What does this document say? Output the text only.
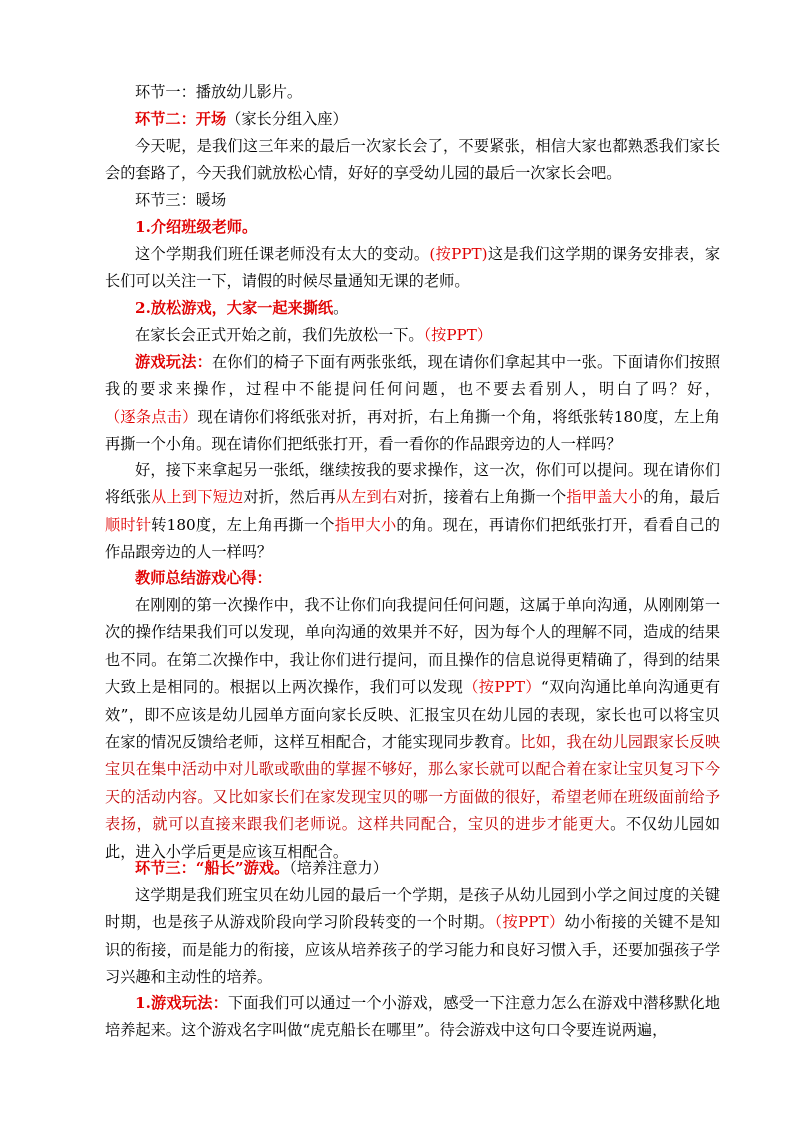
环节一：播放幼儿影片。

环节二：开场（家长分组入座）

今天呢，是我们这三年来的最后一次家长会了，不要紧张，相信大家也都熟悉我们家长会的套路了，今天我们就放松心情，好好的享受幼儿园的最后一次家长会吧。

环节三：暖场

1.介绍班级老师。

这个学期我们班任课老师没有太大的变动。(按PPT)这是我们这学期的课务安排表，家长们可以关注一下，请假的时候尽量通知无课的老师。

2.放松游戏，大家一起来撕纸。

在家长会正式开始之前，我们先放松一下。（按PPT）

游戏玩法：在你们的椅子下面有两张张纸，现在请你们拿起其中一张。下面请你们按照我的要求来操作，过程中不能提问任何问题，也不要去看别人，明白了吗？好，（逐条点击）现在请你们将纸张对折，再对折，右上角撕一个角，将纸张转180度，左上角再撕一个小角。现在请你们把纸张打开，看一看你的作品跟旁边的人一样吗？

好，接下来拿起另一张纸，继续按我的要求操作，这一次，你们可以提问。现在请你们将纸张从上到下短边对折，然后再从左到右对折，接着右上角撕一个指甲盖大小的角，最后顺时针转180度，左上角再撕一个指甲大小的角。现在，再请你们把纸张打开，看看自己的作品跟旁边的人一样吗？

教师总结游戏心得：

在刚刚的第一次操作中，我不让你们向我提问任何问题，这属于单向沟通，从刚刚第一次的操作结果我们可以发现，单向沟通的效果并不好，因为每个人的理解不同，造成的结果也不同。在第二次操作中，我让你们进行提问，而且操作的信息说得更精确了，得到的结果大致上是相同的。根据以上两次操作，我们可以发现（按PPT）“双向沟通比单向沟通更有效”，即不应该是幼儿园单方面向家长反映、汇报宝贝在幼儿园的表现，家长也可以将宝贝在家的情况反馈给老师，这样互相配合，才能实现同步教育。比如，我在幼儿园跟家长反映宝贝在集中活动中对儿歌或歌曲的掌握不够好，那么家长就可以配合着在家让宝贝复习下今天的活动内容。又比如家长们在家发现宝贝的哪一方面做的很好，希望老师在班级面前给予表扬，就可以直接来跟我们老师说。这样共同配合，宝贝的进步才能更大。不仅幼儿园如此，进入小学后更是应该互相配合。

环节三：“船长”游戏。（培养注意力）

这学期是我们班宝贝在幼儿园的最后一个学期，是孩子从幼儿园到小学之间过度的关键时期，也是孩子从游戏阶段向学习阶段转变的一个时期。（按PPT）幼小衔接的关键不是知识的衔接，而是能力的衔接，应该从培养孩子的学习能力和良好习惯入手，还要加强孩子学习兴趣和主动性的培养。

1.游戏玩法：下面我们可以通过一个小游戏，感受一下注意力怎么在游戏中潜移默化地培养起来。这个游戏名字叫做“虎克船长在哪里”。待会游戏中这句口令要连说两遍，
